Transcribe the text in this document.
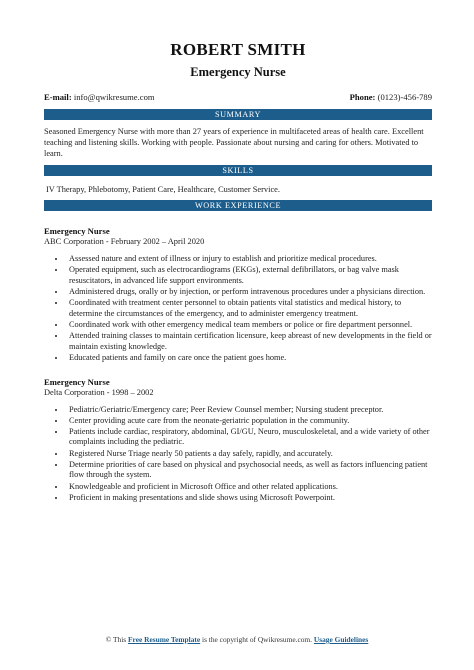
ROBERT SMITH
Emergency Nurse
E-mail: info@qwikresume.com	Phone: (0123)-456-789
SUMMARY
Seasoned Emergency Nurse with more than 27 years of experience in multifaceted areas of health care. Excellent teaching and listening skills. Working with people. Passionate about nursing and caring for others. Motivated to learn.
SKILLS
IV Therapy, Phlebotomy, Patient Care, Healthcare, Customer Service.
WORK EXPERIENCE
Emergency Nurse
ABC Corporation - February 2002 – April 2020
• Assessed nature and extent of illness or injury to establish and prioritize medical procedures.
• Operated equipment, such as electrocardiograms (EKGs), external defibrillators, or bag valve mask resuscitators, in advanced life support environments.
• Administered drugs, orally or by injection, or perform intravenous procedures under a physicians direction.
• Coordinated with treatment center personnel to obtain patients vital statistics and medical history, to determine the circumstances of the emergency, and to administer emergency treatment.
• Coordinated work with other emergency medical team members or police or fire department personnel.
• Attended training classes to maintain certification licensure, keep abreast of new developments in the field or maintain existing knowledge.
• Educated patients and family on care once the patient goes home.
Emergency Nurse
Delta Corporation - 1998 – 2002
• Pediatric/Geriatric/Emergency care; Peer Review Counsel member; Nursing student preceptor.
• Center providing acute care from the neonate-geriatric population in the community.
• Patients include cardiac, respiratory, abdominal, GI/GU, Neuro, musculoskeletal, and a wide variety of other complaints including the pediatric.
• Registered Nurse Triage nearly 50 patients a day safely, rapidly, and accurately.
• Determine priorities of care based on physical and psychosocial needs, as well as factors influencing patient flow through the system.
• Knowledgeable and proficient in Microsoft Office and other related applications.
• Proficient in making presentations and slide shows using Microsoft Powerpoint.
© This Free Resume Template is the copyright of Qwikresume.com. Usage Guidelines
